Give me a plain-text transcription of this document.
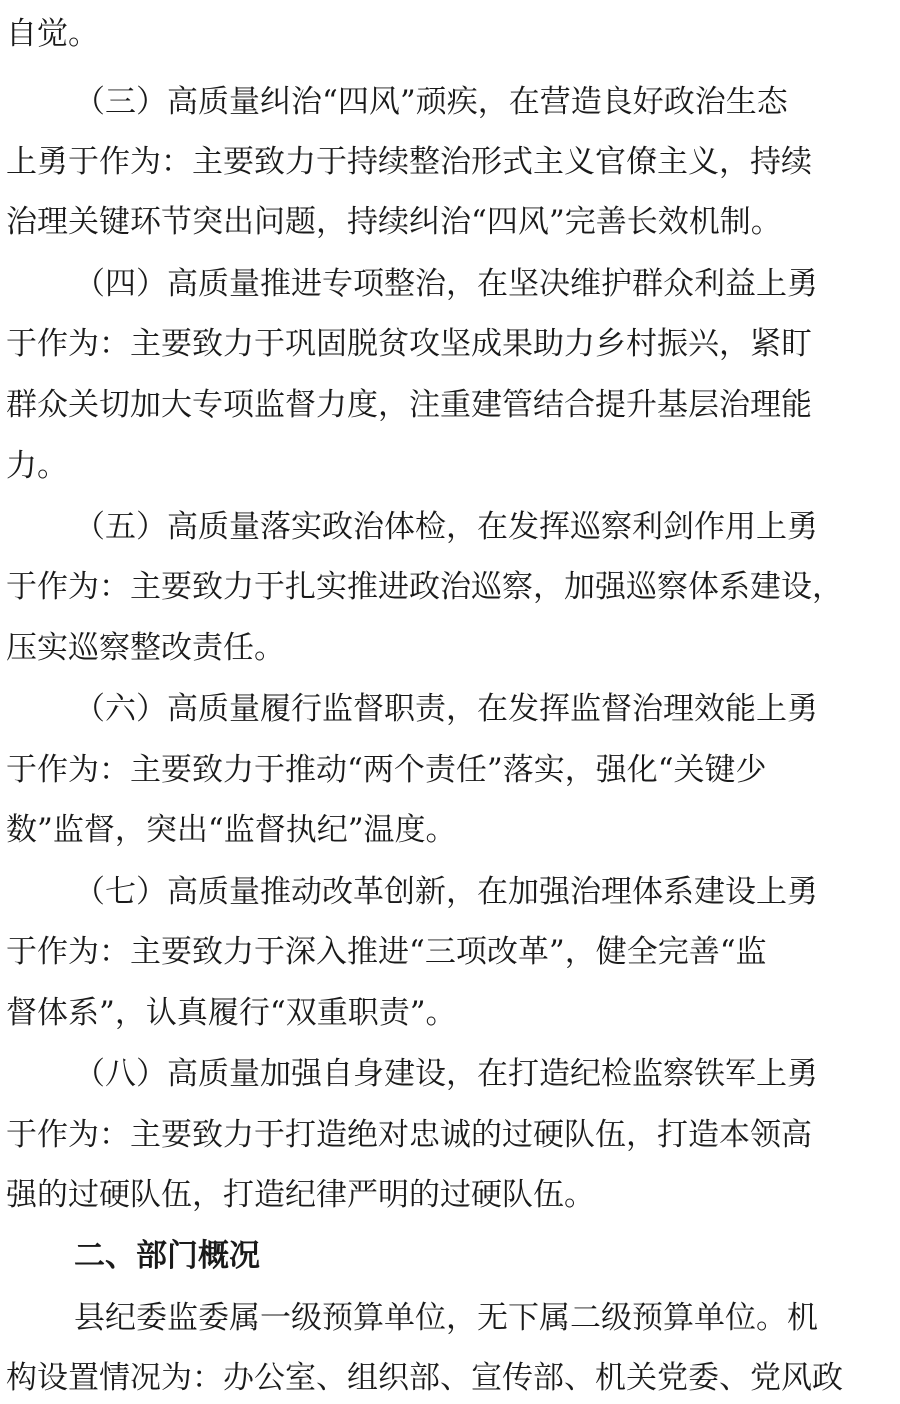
自觉。
（三）高质量纠治“四风”顽疾，在营造良好政治生态
上勇于作为：主要致力于持续整治形式主义官僚主义，持续
治理关键环节突出问题，持续纠治“四风”完善长效机制。
（四）高质量推进专项整治，在坚决维护群众利益上勇
于作为：主要致力于巩固脱贫攻坚成果助力乡村振兴，紧盯
群众关切加大专项监督力度，注重建管结合提升基层治理能
力。
（五）高质量落实政治体检，在发挥巡察利剑作用上勇
于作为：主要致力于扎实推进政治巡察，加强巡察体系建设，
压实巡察整改责任。
（六）高质量履行监督职责，在发挥监督治理效能上勇
于作为：主要致力于推动“两个责任”落实，强化“关键少
数”监督，突出“监督执纪”温度。
（七）高质量推动改革创新，在加强治理体系建设上勇
于作为：主要致力于深入推进“三项改革”，健全完善“监
督体系”，认真履行“双重职责”。
（八）高质量加强自身建设，在打造纪检监察铁军上勇
于作为：主要致力于打造绝对忠诚的过硬队伍，打造本领高
强的过硬队伍，打造纪律严明的过硬队伍。
二、部门概况
县纪委监委属一级预算单位，无下属二级预算单位。机
构设置情况为：办公室、组织部、宣传部、机关党委、党风政
